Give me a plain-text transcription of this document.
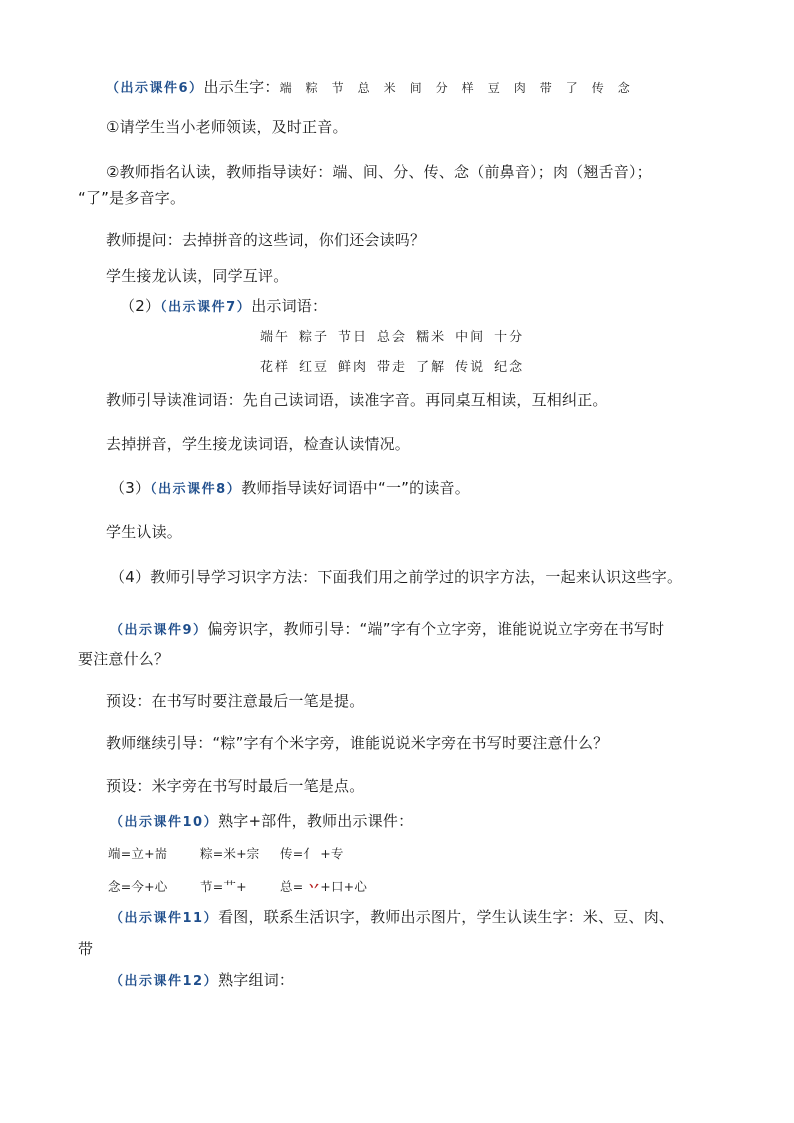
（出示课件6）出示生字：端 粽 节 总 米 间 分 样 豆 肉 带 了 传 念
①请学生当小老师领读，及时正音。
②教师指名认读，教师指导读好：端、间、分、传、念（前鼻音）；肉（翘舌音）；
“了”是多音字。
教师提问：去掉拼音的这些词，你们还会读吗？
学生接龙认读，同学互评。
（2）（出示课件7）出示词语：
端午 粽子 节日 总会 糯米 中间 十分
花样 红豆 鲜肉 带走 了解 传说 纪念
教师引导读准词语：先自己读词语，读准字音。再同桌互相读，互相纠正。
去掉拼音，学生接龙读词语，检查认读情况。
（3）（出示课件8）教师指导读好词语中“一”的读音。
学生认读。
（4）教师引导学习识字方法：下面我们用之前学过的识字方法，一起来认识这些字。
（出示课件9）偏旁识字，教师引导：“端”字有个立字旁，谁能说说立字旁在书写时
要注意什么？
预设：在书写时要注意最后一笔是提。
教师继续引导：“粽”字有个米字旁，谁能说说米字旁在书写时要注意什么？
预设：米字旁在书写时最后一笔是点。
（出示课件10）熟字+部件，教师出示课件：
端=立+耑	粽=米+宗 传=亻 +专
念=今+心	节=艹+	总= 丷+口+心
（出示课件11）看图，联系生活识字，教师出示图片，学生认读生字：米、豆、肉、
带
（出示课件12）熟字组词：
